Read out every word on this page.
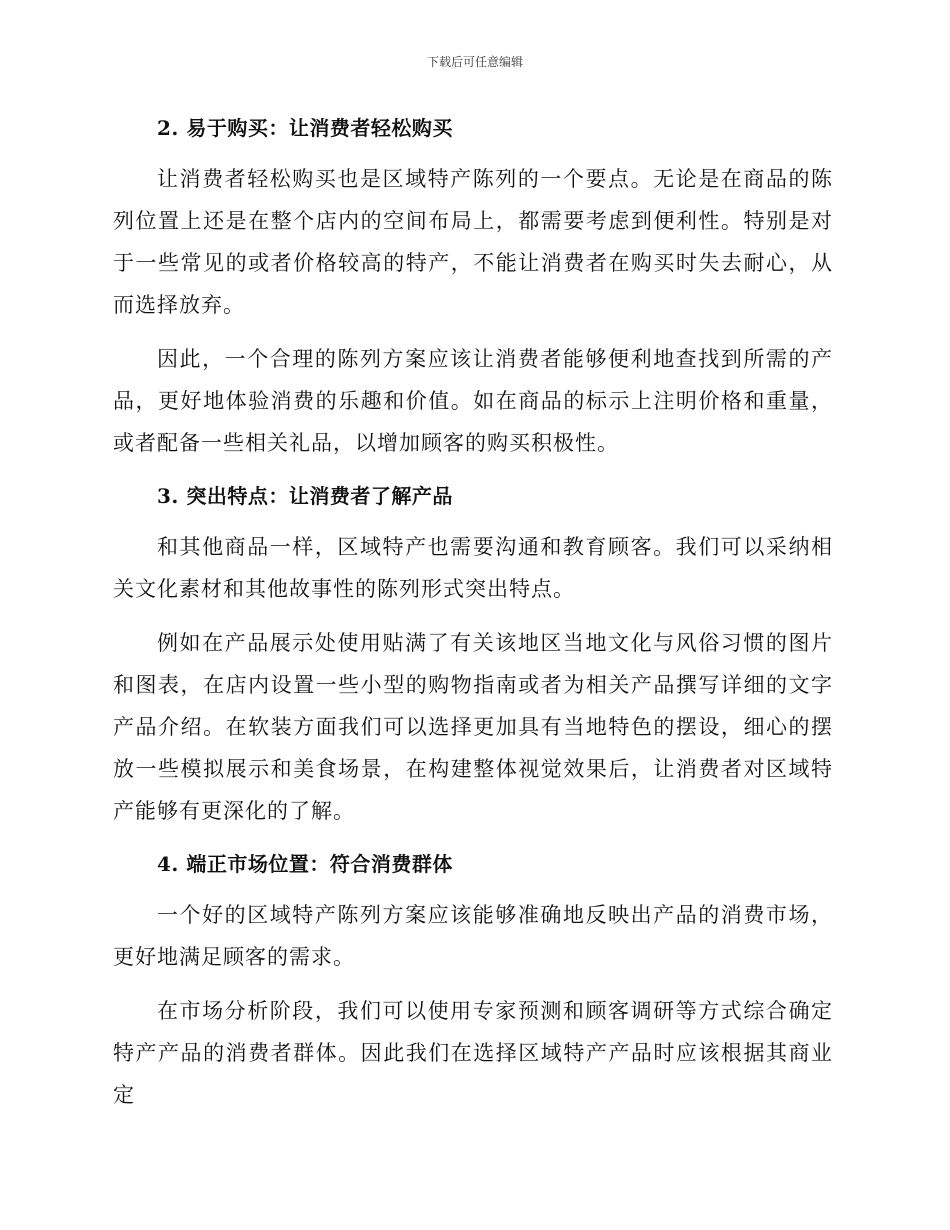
下载后可任意编辑
2. 易于购买：让消费者轻松购买

让消费者轻松购买也是区域特产陈列的一个要点。无论是在商品的陈列位置上还是在整个店内的空间布局上，都需要考虑到便利性。特别是对于一些常见的或者价格较高的特产，不能让消费者在购买时失去耐心，从而选择放弃。

因此，一个合理的陈列方案应该让消费者能够便利地查找到所需的产品，更好地体验消费的乐趣和价值。如在商品的标示上注明价格和重量，或者配备一些相关礼品，以增加顾客的购买积极性。

3. 突出特点：让消费者了解产品

和其他商品一样，区域特产也需要沟通和教育顾客。我们可以采纳相关文化素材和其他故事性的陈列形式突出特点。

例如在产品展示处使用贴满了有关该地区当地文化与风俗习惯的图片和图表，在店内设置一些小型的购物指南或者为相关产品撰写详细的文字产品介绍。在软装方面我们可以选择更加具有当地特色的摆设，细心的摆放一些模拟展示和美食场景，在构建整体视觉效果后，让消费者对区域特产能够有更深化的了解。

4. 端正市场位置：符合消费群体

一个好的区域特产陈列方案应该能够准确地反映出产品的消费市场，更好地满足顾客的需求。

在市场分析阶段，我们可以使用专家预测和顾客调研等方式综合确定特产产品的消费者群体。因此我们在选择区域特产产品时应该根据其商业定
